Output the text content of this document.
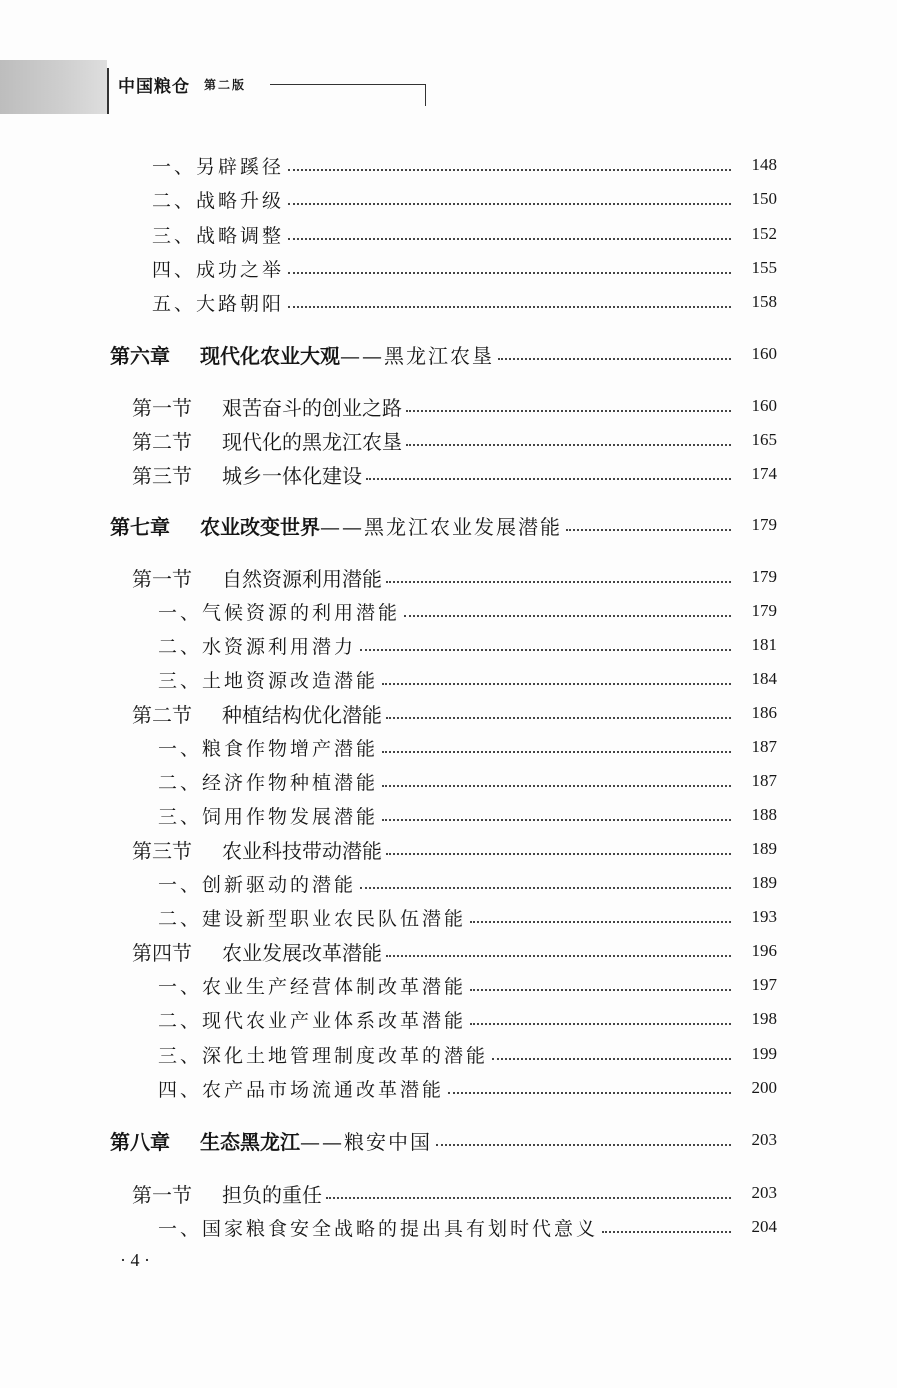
中国粮仓 第二版
一、另辟蹊径	148
二、战略升级	150
三、战略调整	152
四、成功之举	155
五、大路朝阳	158
第六章 现代化农业大观——黑龙江农垦	160
第一节 艰苦奋斗的创业之路	160
第二节 现代化的黑龙江农垦	165
第三节 城乡一体化建设	174
第七章 农业改变世界——黑龙江农业发展潜能	179
第一节 自然资源利用潜能	179
一、气候资源的利用潜能	179
二、水资源利用潜力	181
三、土地资源改造潜能	184
第二节 种植结构优化潜能	186
一、粮食作物增产潜能	187
二、经济作物种植潜能	187
三、饲用作物发展潜能	188
第三节 农业科技带动潜能	189
一、创新驱动的潜能	189
二、建设新型职业农民队伍潜能	193
第四节 农业发展改革潜能	196
一、农业生产经营体制改革潜能	197
二、现代农业产业体系改革潜能	198
三、深化土地管理制度改革的潜能	199
四、农产品市场流通改革潜能	200
第八章 生态黑龙江——粮安中国	203
第一节 担负的重任	203
一、国家粮食安全战略的提出具有划时代意义	204
· 4 ·
